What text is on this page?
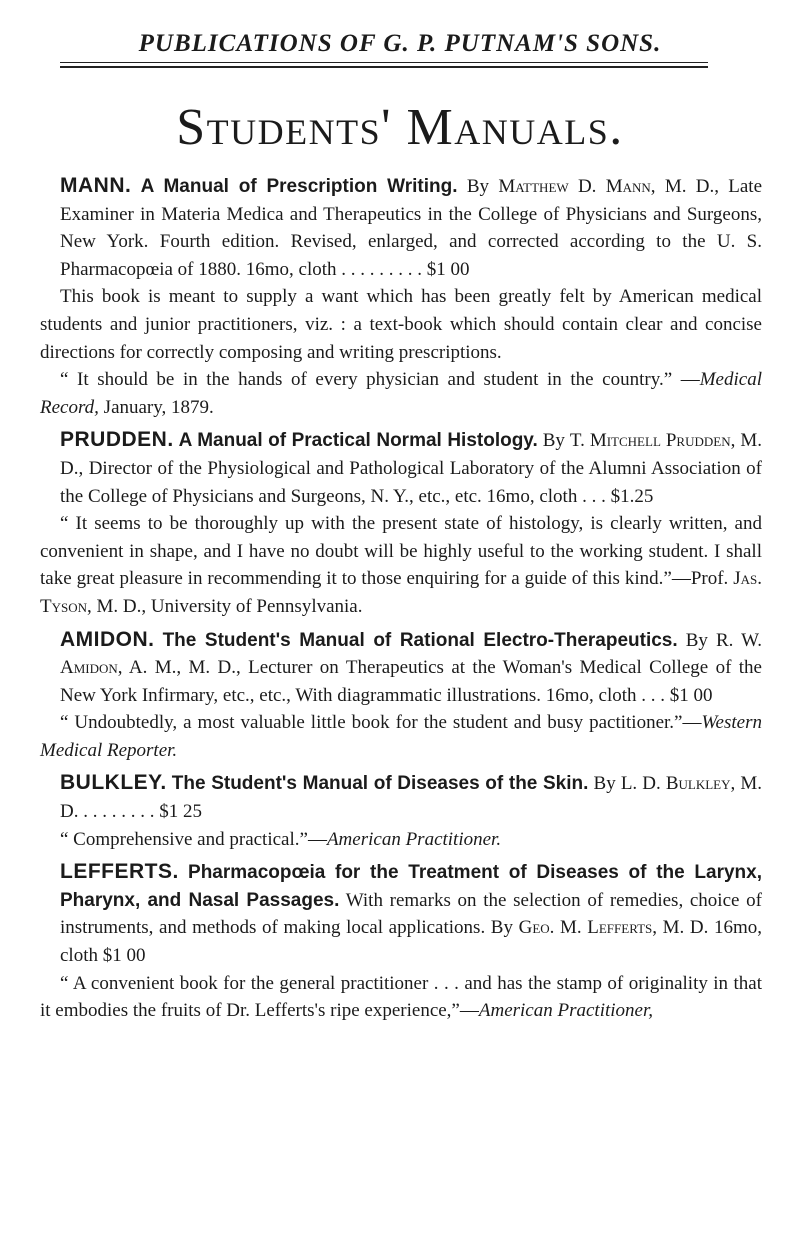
PUBLICATIONS OF G. P. PUTNAM'S SONS.
Students' Manuals.

MANN. A Manual of Prescription Writing. By Matthew D. Mann, M. D., Late Examiner in Materia Medica and Therapeutics in the College of Physicians and Surgeons, New York. Fourth edition. Revised, enlarged, and corrected according to the U. S. Pharmacopœia of 1880. 16mo, cloth . . . . . . . . . $1 00

This book is meant to supply a want which has been greatly felt by American medical students and junior practitioners, viz. : a text-book which should contain clear and concise directions for correctly composing and writing prescriptions.

“ It should be in the hands of every physician and student in the country.” —Medical Record, January, 1879.

PRUDDEN. A Manual of Practical Normal Histology. By T. Mitchell Prudden, M. D., Director of the Physiological and Pathological Laboratory of the Alumni Association of the College of Physicians and Surgeons, N. Y., etc., etc. 16mo, cloth . . . $1.25

“ It seems to be thoroughly up with the present state of histology, is clearly written, and convenient in shape, and I have no doubt will be highly useful to the working student. I shall take great pleasure in recommending it to those enquiring for a guide of this kind.”—Prof. Jas. Tyson, M. D., University of Pennsylvania.

AMIDON. The Student's Manual of Rational Electro-Therapeutics. By R. W. Amidon, A. M., M. D., Lecturer on Therapeutics at the Woman's Medical College of the New York Infirmary, etc., etc., With diagrammatic illustrations. 16mo, cloth . . . $1 00

“ Undoubtedly, a most valuable little book for the student and busy pactitioner.”—Western Medical Reporter.

BULKLEY. The Student's Manual of Diseases of the Skin. By L. D. Bulkley, M. D. . . . . . . . . $1 25

“ Comprehensive and practical.”—American Practitioner.

LEFFERTS. Pharmacopœia for the Treatment of Diseases of the Larynx, Pharynx, and Nasal Passages. With remarks on the selection of remedies, choice of instruments, and methods of making local applications. By Geo. M. Lefferts, M. D. 16mo, cloth $1 00

“ A convenient book for the general practitioner . . . and has the stamp of originality in that it embodies the fruits of Dr. Lefferts's ripe experience,”—American Practitioner,
